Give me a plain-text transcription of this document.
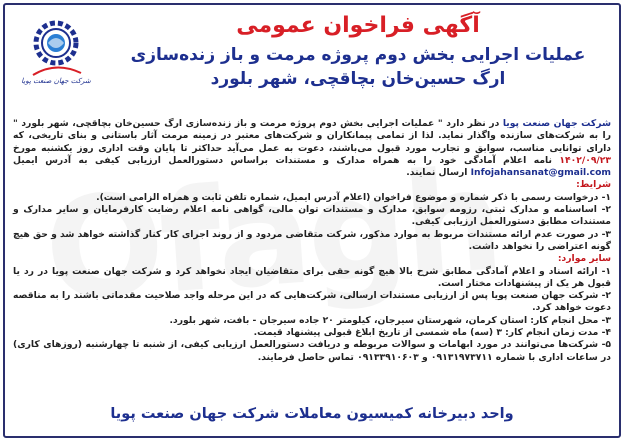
شرکت جهان صنعت پویا
آگهی فراخوان عمومی
عملیات اجرایی بخش دوم پروژه مرمت و باز زنده‌سازی
ارگ حسین‌خان بچاقچی، شهر بلورد
شرکت جهان صنعت پویا در نظر دارد " عملیات اجرایی بخش دوم پروژه مرمت و باز زنده‌سازی ارگ حسین‌خان بچاقچی، شهر بلورد " را به شرکت‌های سازنده واگذار نماید. لذا از تمامی پیمانکاران و شرکت‌های معتبر در زمینه مرمت آثار باستانی و بنای تاریخی، که دارای توانایی مناسب، سوابق و تجارب مورد قبول می‌باشند، دعوت به عمل می‌آید حداکثر تا پایان وقت اداری روز یکشنبه مورخ ۱۴۰۲/۰۹/۲۳ نامه اعلام آمادگی خود را به همراه مدارک و مستندات براساس دستورالعمل ارزیابی کیفی به آدرس ایمیل Infojahansanat@gmail.com ارسال نمایند.
شرایط:
۱- درخواست رسمی با ذکر شماره و موضوع فراخوان (اعلام آدرس ایمیل، شماره تلفن ثابت و همراه الزامی است).
۲- اساسنامه و مدارک ثبتی، رزومه سوابق، مدارک و مستندات توان مالی، گواهی نامه اعلام رضایت کارفرمایان و سایر مدارک و مستندات مطابق دستورالعمل ارزیابی کیفی.
۳- در صورت عدم ارائه مستندات مربوط به موارد مذکور، شرکت متقاضی مردود و از روند اجرای کار کنار گذاشته خواهد شد و حق هیچ گونه اعتراضی را نخواهد داشت.
سایر موارد:
۱- ارائه اسناد و اعلام آمادگی مطابق شرح بالا هیچ گونه حقی برای متقاضیان ایجاد نخواهد کرد و شرکت جهان صنعت پویا در رد یا قبول هر یک از پیشنهادات مختار است.
۲- شرکت جهان صنعت پویا پس از ارزیابی مستندات ارسالی، شرکت‌هایی که در این مرحله واجد صلاحیت مقدماتی باشند را به مناقصه دعوت خواهد کرد.
۳- محل انجام کار: استان کرمان، شهرستان سیرجان، کیلومتر ۲۰ جاده سیرجان - بافت، شهر بلورد.
۴- مدت زمان انجام کار: ۳ (سه) ماه شمسی از تاریخ ابلاغ قبولی پیشنهاد قیمت.
۵- شرکت‌ها می‌توانند در مورد ابهامات و سوالات مربوطه و دریافت دستورالعمل ارزیابی کیفی، از شنبه تا چهارشنبه (روزهای کاری) در ساعات اداری با شماره ۰۹۱۳۱۹۷۳۷۱۱ و ۰۹۱۳۳۹۱۰۶۰۳ تماس حاصل فرمایند.
واحد دبیرخانه کمیسیون معاملات شرکت جهان صنعت پویا
